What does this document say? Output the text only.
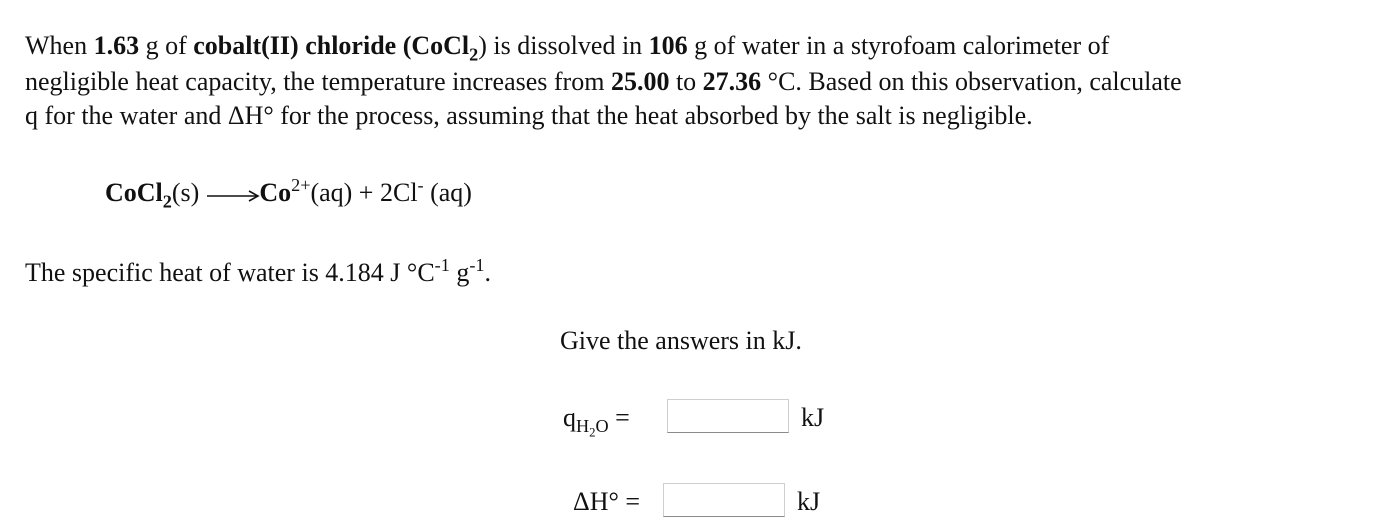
When 1.63 g of cobalt(II) chloride (CoCl$_2$) is dissolved in 106 g of water in a styrofoam calorimeter of
negligible heat capacity, the temperature increases from 25.00 to 27.36 °C. Based on this observation, calculate
q for the water and ΔH° for the process, assuming that the heat absorbed by the salt is negligible.

CoCl$_2$(s) $\to Co^{2+}(aq) + 2Cl^-$ (aq)
The specific heat of water is 4.184 J $^\circ C^{-1}$ $g^{-1}$.
Give the answers in kJ.
$q_{H_2O}$ =	kJ
ΔH° =	kJ
